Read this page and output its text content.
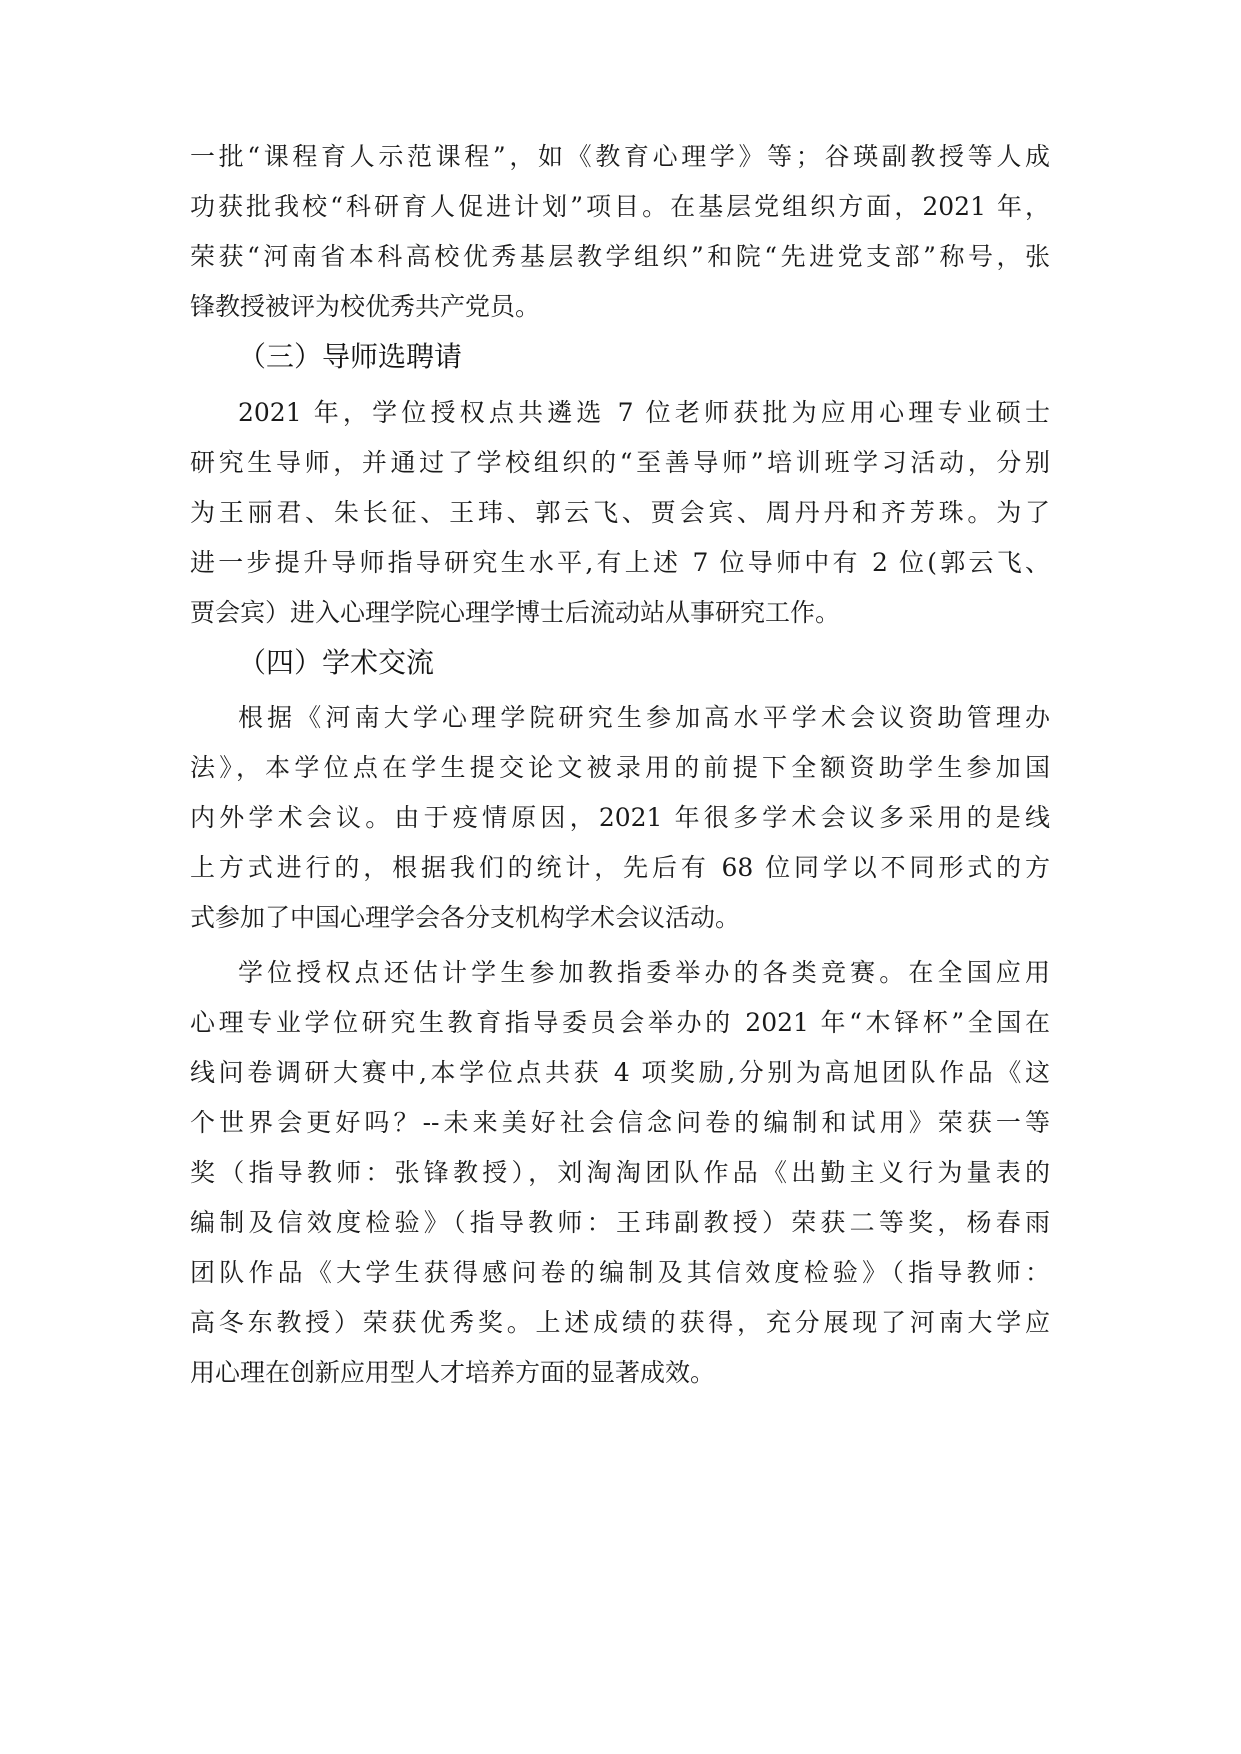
一批“课程育人示范课程”，如《教育心理学》等；谷瑛副教授等人成
功获批我校“科研育人促进计划”项目。在基层党组织方面，2021 年，
荣获“河南省本科高校优秀基层教学组织”和院“先进党支部”称号，张
锋教授被评为校优秀共产党员。
（三）导师选聘请
2021 年，学位授权点共遴选 7 位老师获批为应用心理专业硕士
研究生导师，并通过了学校组织的“至善导师”培训班学习活动，分别
为王丽君、朱长征、王玮、郭云飞、贾会宾、周丹丹和齐芳珠。为了
进一步提升导师指导研究生水平,有上述 7 位导师中有 2 位(郭云飞、
贾会宾）进入心理学院心理学博士后流动站从事研究工作。
（四）学术交流
根据《河南大学心理学院研究生参加高水平学术会议资助管理办
法》，本学位点在学生提交论文被录用的前提下全额资助学生参加国
内外学术会议。由于疫情原因，2021 年很多学术会议多采用的是线
上方式进行的，根据我们的统计，先后有 68 位同学以不同形式的方
式参加了中国心理学会各分支机构学术会议活动。
学位授权点还估计学生参加教指委举办的各类竞赛。在全国应用
心理专业学位研究生教育指导委员会举办的 2021 年“木铎杯”全国在
线问卷调研大赛中,本学位点共获 4 项奖励,分别为高旭团队作品《这
个世界会更好吗？--未来美好社会信念问卷的编制和试用》荣获一等
奖（指导教师：张锋教授），刘淘淘团队作品《出勤主义行为量表的
编制及信效度检验》（指导教师：王玮副教授）荣获二等奖，杨春雨
团队作品《大学生获得感问卷的编制及其信效度检验》（指导教师：
高冬东教授）荣获优秀奖。上述成绩的获得，充分展现了河南大学应
用心理在创新应用型人才培养方面的显著成效。
